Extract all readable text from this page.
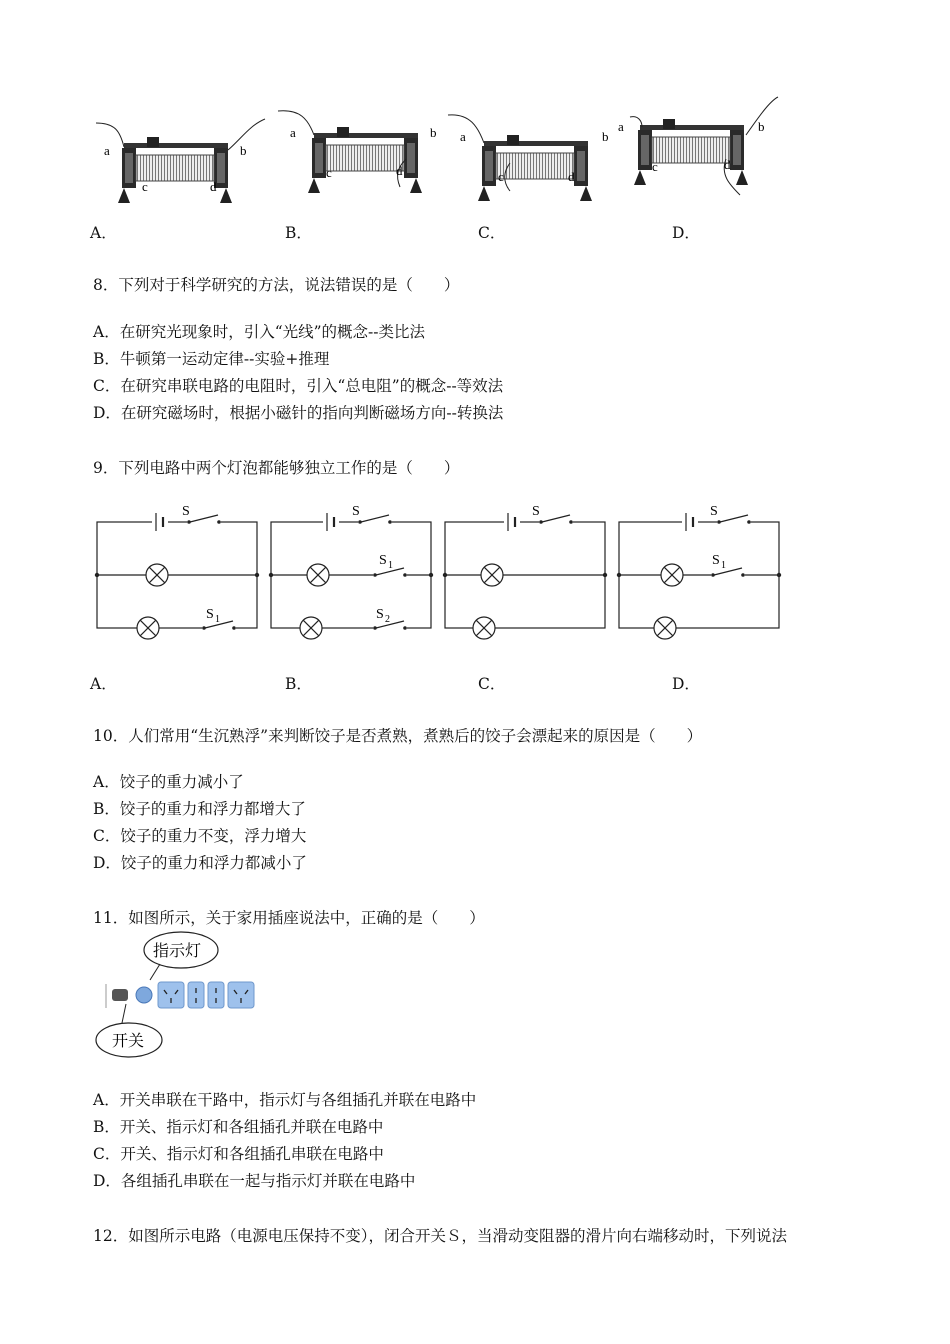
a	b
c	d
a	b
c	d
a	b
c	d
a	b
c	d
A．	B．	C．	D．
8．下列对于科学研究的方法，说法错误的是（　　）
A．在研究光现象时，引入“光线”的概念--类比法
B．牛顿第一运动定律--实验+推理
C．在研究串联电路的电阻时，引入“总电阻”的概念--等效法
D．在研究磁场时，根据小磁针的指向判断磁场方向--转换法
9．下列电路中两个灯泡都能够独立工作的是（　　）
S
S 1
S
S 1
S 2
S	S
S 1
A．	B．	C．	D．
10．人们常用“生沉熟浮”来判断饺子是否煮熟，煮熟后的饺子会漂起来的原因是（　　）
A．饺子的重力减小了
B．饺子的重力和浮力都增大了
C．饺子的重力不变，浮力增大
D．饺子的重力和浮力都减小了
11．如图所示，关于家用插座说法中，正确的是（　　）
指示灯
开关
A．开关串联在干路中，指示灯与各组插孔并联在电路中
B．开关、指示灯和各组插孔并联在电路中
C．开关、指示灯和各组插孔串联在电路中
D．各组插孔串联在一起与指示灯并联在电路中
12．如图所示电路（电源电压保持不变），闭合开关Ｓ，当滑动变阻器的滑片向右端移动时，下列说法
